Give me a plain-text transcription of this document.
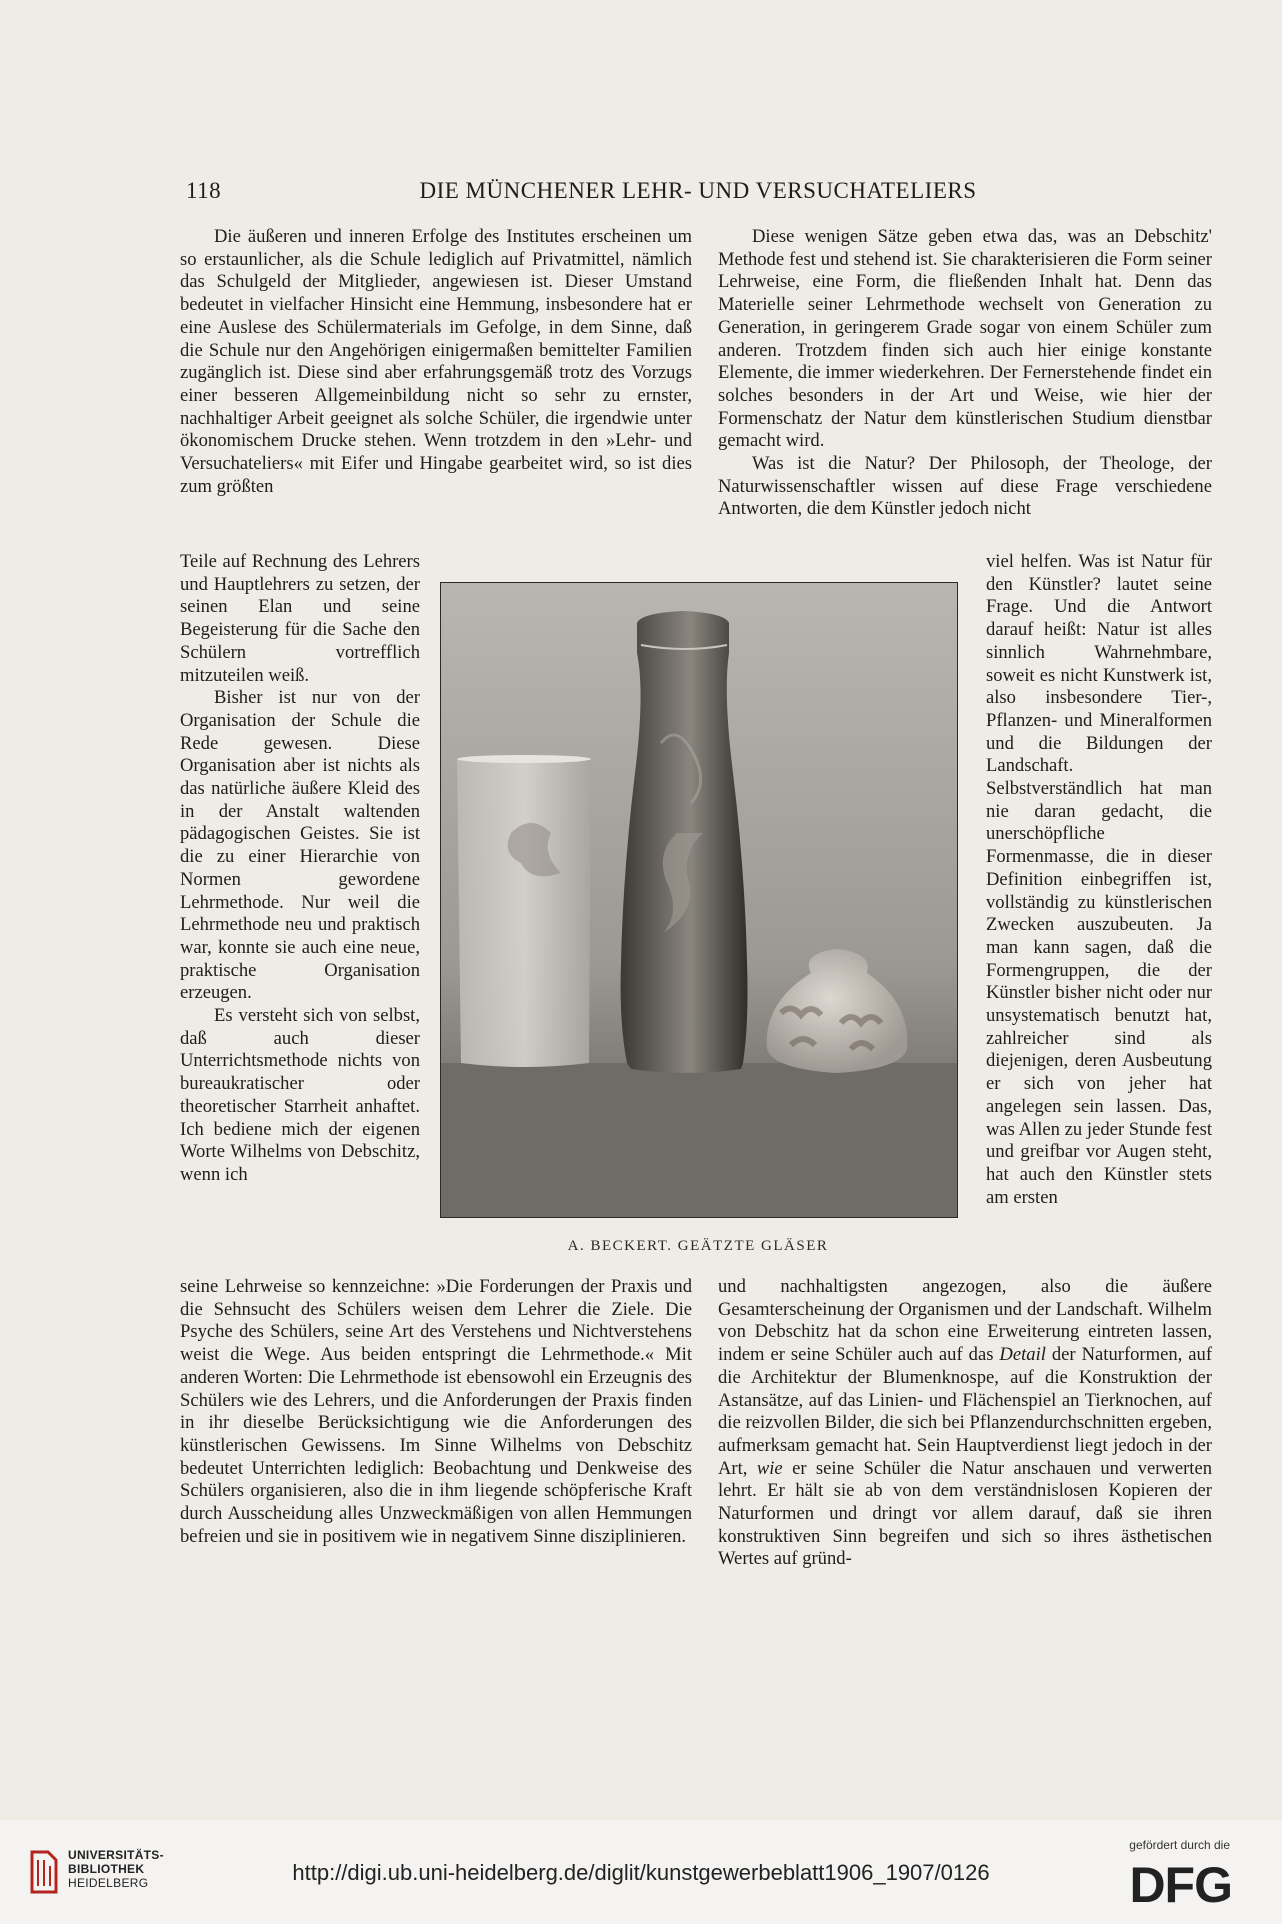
118	DIE MÜNCHENER LEHR- UND VERSUCHATELIERS

Die äußeren und inneren Erfolge des Institutes erscheinen um so erstaunlicher, als die Schule lediglich auf Privatmittel, nämlich das Schulgeld der Mitglieder, angewiesen ist. Dieser Umstand bedeutet in vielfacher Hinsicht eine Hemmung, insbesondere hat er eine Auslese des Schülermaterials im Gefolge, in dem Sinne, daß die Schule nur den Angehörigen einigermaßen bemittelter Familien zugänglich ist. Diese sind aber erfahrungsgemäß trotz des Vorzugs einer besseren Allgemeinbildung nicht so sehr zu ernster, nachhaltiger Arbeit geeignet als solche Schüler, die irgendwie unter ökonomischem Drucke stehen. Wenn trotzdem in den »Lehr- und Versuchateliers« mit Eifer und Hingabe gearbeitet wird, so ist dies zum größten

Teile auf Rechnung des Lehrers und Hauptlehrers zu setzen, der seinen Elan und seine Begeisterung für die Sache den Schülern vortrefflich mitzuteilen weiß.

Bisher ist nur von der Organisation der Schule die Rede gewesen. Diese Organisation aber ist nichts als das natürliche äußere Kleid des in der Anstalt waltenden pädagogischen Geistes. Sie ist die zu einer Hierarchie von Normen gewordene Lehrmethode. Nur weil die Lehrmethode neu und praktisch war, konnte sie auch eine neue, praktische Organisation erzeugen.

Es versteht sich von selbst, daß auch dieser Unterrichtsmethode nichts von bureaukratischer oder theoretischer Starrheit anhaftet. Ich bediene mich der eigenen Worte Wilhelms von Debschitz, wenn ich

seine Lehrweise so kennzeichne: »Die Forderungen der Praxis und die Sehnsucht des Schülers weisen dem Lehrer die Ziele. Die Psyche des Schülers, seine Art des Verstehens und Nichtverstehens weist die Wege. Aus beiden entspringt die Lehrmethode.« Mit anderen Worten: Die Lehrmethode ist ebensowohl ein Erzeugnis des Schülers wie des Lehrers, und die Anforderungen der Praxis finden in ihr dieselbe Berücksichtigung wie die Anforderungen des künstlerischen Gewissens. Im Sinne Wilhelms von Debschitz bedeutet Unterrichten lediglich: Beobachtung und Denkweise des Schülers organisieren, also die in ihm liegende schöpferische Kraft durch Ausscheidung alles Unzweckmäßigen von allen Hemmungen befreien und sie in positivem wie in negativem Sinne disziplinieren.

Diese wenigen Sätze geben etwa das, was an Debschitz' Methode fest und stehend ist. Sie charakterisieren die Form seiner Lehrweise, eine Form, die fließenden Inhalt hat. Denn das Materielle seiner Lehrmethode wechselt von Generation zu Generation, in geringerem Grade sogar von einem Schüler zum anderen. Trotzdem finden sich auch hier einige konstante Elemente, die immer wiederkehren. Der Fernerstehende findet ein solches besonders in der Art und Weise, wie hier der Formenschatz der Natur dem künstlerischen Studium dienstbar gemacht wird.

Was ist die Natur? Der Philosoph, der Theologe, der Naturwissenschaftler wissen auf diese Frage verschiedene Antworten, die dem Künstler jedoch nicht

viel helfen. Was ist Natur für den Künstler? lautet seine Frage. Und die Antwort darauf heißt: Natur ist alles sinnlich Wahrnehmbare, soweit es nicht Kunstwerk ist, also insbesondere Tier-, Pflanzen- und Mineralformen und die Bildungen der Landschaft. Selbstverständlich hat man nie daran gedacht, die unerschöpfliche Formenmasse, die in dieser Definition einbegriffen ist, vollständig zu künstlerischen Zwecken auszubeuten. Ja man kann sagen, daß die Formengruppen, die der Künstler bisher nicht oder nur unsystematisch benutzt hat, zahlreicher sind als diejenigen, deren Ausbeutung er sich von jeher hat angelegen sein lassen. Das, was Allen zu jeder Stunde fest und greifbar vor Augen steht, hat auch den Künstler stets am ersten

und nachhaltigsten angezogen, also die äußere Gesamterscheinung der Organismen und der Landschaft. Wilhelm von Debschitz hat da schon eine Erweiterung eintreten lassen, indem er seine Schüler auch auf das Detail der Naturformen, auf die Architektur der Blumenknospe, auf die Konstruktion der Astansätze, auf das Linien- und Flächenspiel an Tierknochen, auf die reizvollen Bilder, die sich bei Pflanzendurchschnitten ergeben, aufmerksam gemacht hat. Sein Hauptverdienst liegt jedoch in der Art, wie er seine Schüler die Natur anschauen und verwerten lehrt. Er hält sie ab von dem verständnislosen Kopieren der Naturformen und dringt vor allem darauf, daß sie ihren konstruktiven Sinn begreifen und sich so ihres ästhetischen Wertes auf gründ-

A. BECKERT. GEÄTZTE GLÄSER
UNIVERSITÄTS-
BIBLIOTHEK
HEIDELBERG	http://digi.ub.uni-heidelberg.de/diglit/kunstgewerbeblatt1906_1907/0126
gefördert durch die
DFG
